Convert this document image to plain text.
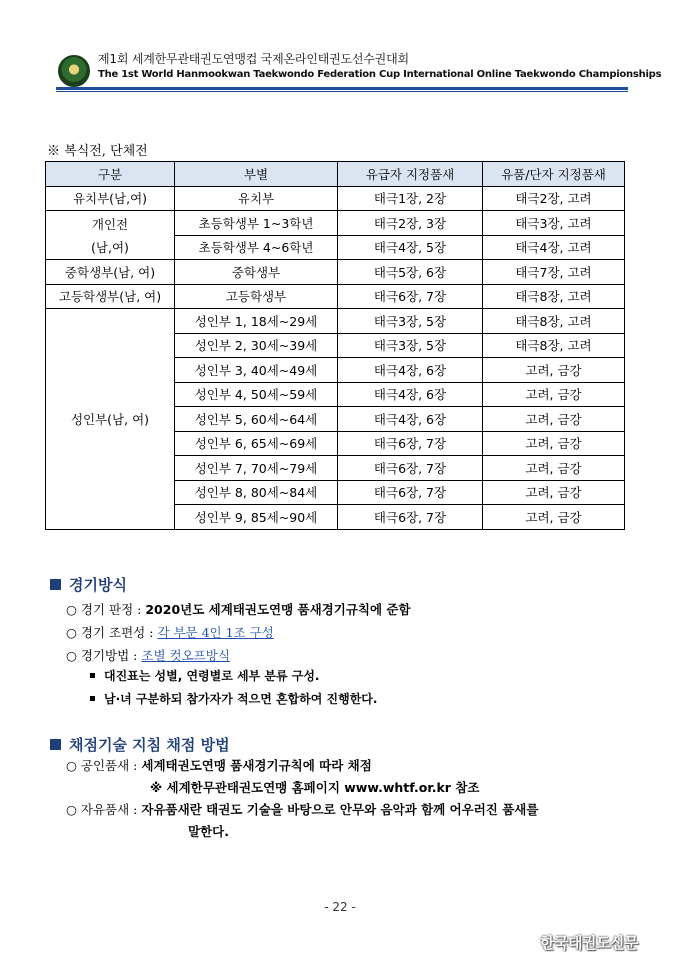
제1회 세계한무관태권도연맹컵 국제온라인태권도선수권대회
The 1st World Hanmookwan Taekwondo Federation Cup International Online Taekwondo Championships
※ 복식전, 단체전
구분	부별	유급자 지정품새	유품/단자 지정품새
유치부(남,여)	유치부	태극1장, 2장	태극2장, 고려

개인전
(남,여)	초등학생부 1~3학년	태극2장, 3장	태극3장, 고려
	초등학생부 4~6학년	태극4장, 5장	태극4장, 고려
중학생부(남, 여)	중학생부	태극5장, 6장	태극7장, 고려
고등학생부(남, 여)	고등학생부	태극6장, 7장	태극8장, 고려
성인부(남, 여)	성인부 1, 18세~29세	태극3장, 5장	태극8장, 고려
	성인부 2, 30세~39세	태극3장, 5장	태극8장, 고려
	성인부 3, 40세~49세	태극4장, 6장	고려, 금강
	성인부 4, 50세~59세	태극4장, 6장	고려, 금강
	성인부 5, 60세~64세	태극4장, 6장	고려, 금강
	성인부 6, 65세~69세	태극6장, 7장	고려, 금강
	성인부 7, 70세~79세	태극6장, 7장	고려, 금강
	성인부 8, 80세~84세	태극6장, 7장	고려, 금강
	성인부 9, 85세~90세	태극6장, 7장	고려, 금강
경기방식
○ 경기 판정 : 2020년도 세계태권도연맹 품새경기규칙에 준함
○ 경기 조편성 : 각 부문 4인 1조 구성
○ 경기방법 : 조별 컷오프방식
대진표는 성별, 연령별로 세부 분류 구성.
남·녀 구분하되 참가자가 적으면 혼합하여 진행한다.
채점기술 지침 채점 방법
○ 공인품새 : 세계태권도연맹 품새경기규칙에 따라 채점
※ 세계한무관태권도연맹 홈페이지 www.whtf.or.kr 참조
○ 자유품새 : 자유품새란 태권도 기술을 바탕으로 안무와 음악과 함께 어우러진 품새를
말한다.
- 22 -
한국태권도신문
